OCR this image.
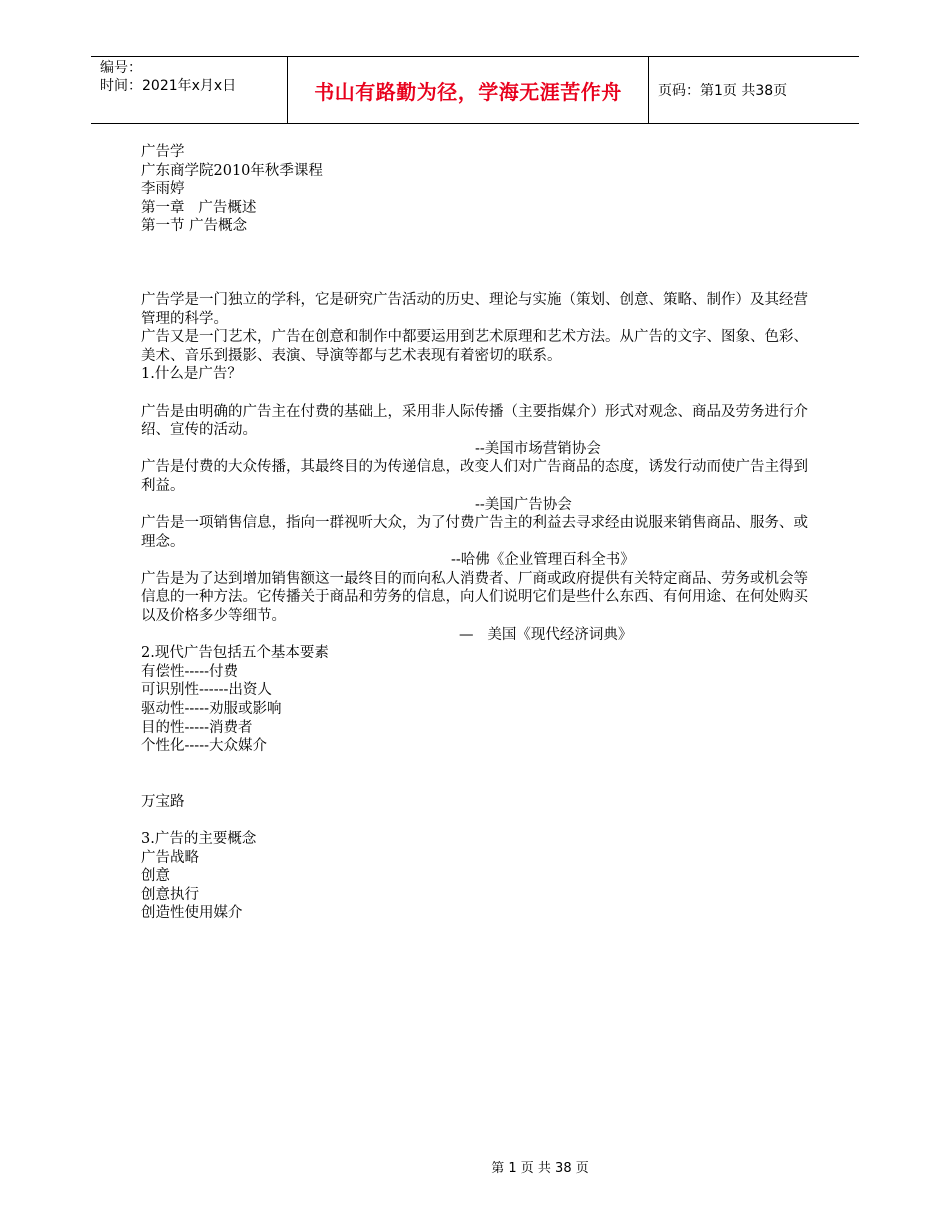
编号：
时间：2021年x月x日	书山有路勤为径，学海无涯苦作舟	页码：第1页 共38页
广告学
广东商学院2010年秋季课程
李雨婷
第一章   广告概述
第一节 广告概念
广告学是一门独立的学科，它是研究广告活动的历史、理论与实施（策划、创意、策略、制作）及其经营管理的科学。
广告又是一门艺术，广告在创意和制作中都要运用到艺术原理和艺术方法。从广告的文字、图象、色彩、美术、音乐到摄影、表演、导演等都与艺术表现有着密切的联系。
1.什么是广告？
广告是由明确的广告主在付费的基础上，采用非人际传播（主要指媒介）形式对观念、商品及劳务进行介绍、宣传的活动。
--美国市场营销协会
广告是付费的大众传播，其最终目的为传递信息，改变人们对广告商品的态度，诱发行动而使广告主得到利益。
--美国广告协会
广告是一项销售信息，指向一群视听大众，为了付费广告主的利益去寻求经由说服来销售商品、服务、或理念。
--哈佛《企业管理百科全书》
广告是为了达到增加销售额这一最终目的而向私人消费者、厂商或政府提供有关特定商品、劳务或机会等信息的一种方法。它传播关于商品和劳务的信息，向人们说明它们是些什么东西、有何用途、在何处购买以及价格多少等细节。
—   美国《现代经济词典》
2.现代广告包括五个基本要素
有偿性-----付费
可识别性------出资人
驱动性-----劝服或影响
目的性-----消费者
个性化-----大众媒介
万宝路
3.广告的主要概念
广告战略
创意
创意执行
创造性使用媒介
第 1 页 共 38 页
